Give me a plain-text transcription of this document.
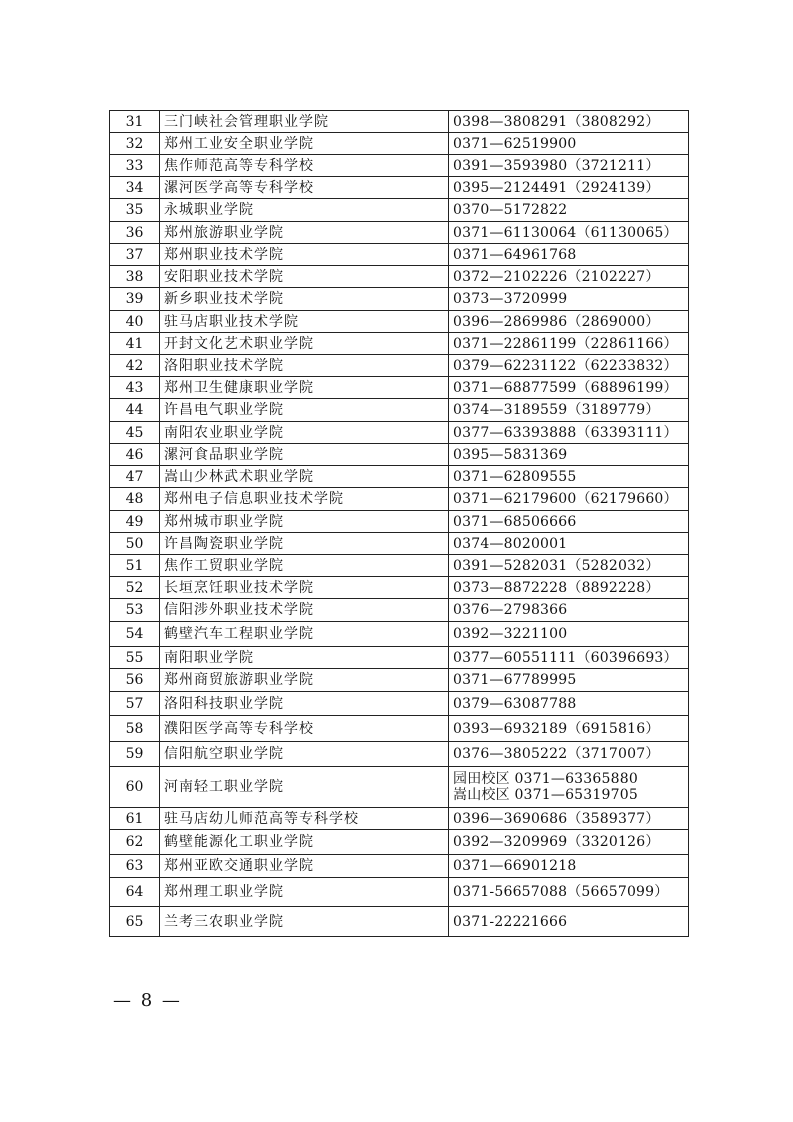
31	三门峡社会管理职业学院	0398—3808291（3808292）

32	郑州工业安全职业学院	0371—62519900

33	焦作师范高等专科学校	0391—3593980（3721211）

34	漯河医学高等专科学校	0395—2124491（2924139）

35	永城职业学院	0370—5172822

36	郑州旅游职业学院	0371—61130064（61130065）

37	郑州职业技术学院	0371—64961768

38	安阳职业技术学院	0372—2102226（2102227）

39	新乡职业技术学院	0373—3720999

40	驻马店职业技术学院	0396—2869986（2869000）

41	开封文化艺术职业学院	0371—22861199（22861166）

42	洛阳职业技术学院	0379—62231122（62233832）

43	郑州卫生健康职业学院	0371—68877599（68896199）

44	许昌电气职业学院	0374—3189559（3189779）

45	南阳农业职业学院	0377—63393888（63393111）

46	漯河食品职业学院	0395—5831369

47	嵩山少林武术职业学院	0371—62809555

48	郑州电子信息职业技术学院	0371—62179600（62179660）

49	郑州城市职业学院	0371—68506666

50	许昌陶瓷职业学院	0374—8020001

51	焦作工贸职业学院	0391—5282031（5282032）

52	长垣烹饪职业技术学院	0373—8872228（8892228）

53	信阳涉外职业技术学院	0376—2798366

54	鹤壁汽车工程职业学院	0392—3221100

55	南阳职业学院	0377—60551111（60396693）

56	郑州商贸旅游职业学院	0371—67789995

57	洛阳科技职业学院	0379—63087788

58	濮阳医学高等专科学校	0393—6932189（6915816）

59	信阳航空职业学院	0376—3805222（3717007）

60	河南轻工职业学院	园田校区 0371—63365880
嵩山校区 0371—65319705

61	驻马店幼儿师范高等专科学校	0396—3690686（3589377）

62	鹤壁能源化工职业学院	0392—3209969（3320126）

63	郑州亚欧交通职业学院	0371—66901218

64	郑州理工职业学院	0371-56657088（56657099）

65	兰考三农职业学院	0371-22221666
— 8 —
